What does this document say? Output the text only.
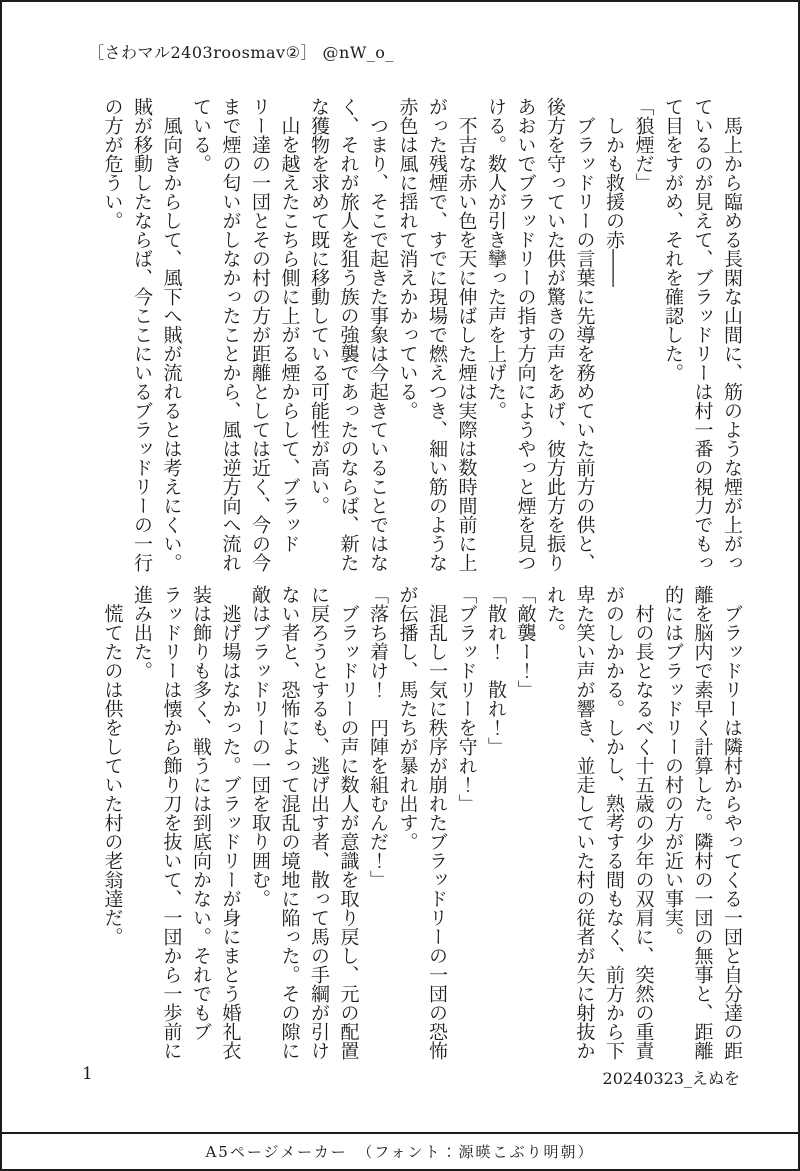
［さわマル2403roosmav②］ @nW_o_

　馬上から臨める長閑な山間に、筋のような煙が上がっ

ているのが見えて、ブラッドリーは村一番の視力でもっ

て目をすがめ、それを確認した。

「狼煙だ」

　しかも救援の赤――

　ブラッドリーの言葉に先導を務めていた前方の供と、

後方を守っていた供が驚きの声をあげ、彼方此方を振り

あおいでブラッドリーの指す方向にようやっと煙を見つ

ける。数人が引き攣った声を上げた。

　不吉な赤い色を天に伸ばした煙は実際は数時間前に上

がった残煙で、すでに現場で燃えつき、細い筋のような

赤色は風に揺れて消えかかっている。

　つまり、そこで起きた事象は今起きていることではな

く、それが旅人を狙う族の強襲であったのならば、新た

な獲物を求めて既に移動している可能性が高い。

　山を越えたこちら側に上がる煙からして、ブラッド

リー達の一団とその村の方が距離としては近く、今の今

まで煙の匂いがしなかったことから、風は逆方向へ流れ

ている。

　風向きからして、風下へ賊が流れるとは考えにくい。

賊が移動したならば、今ここにいるブラッドリーの一行

の方が危うい。

　ブラッドリーは隣村からやってくる一団と自分達の距

離を脳内で素早く計算した。隣村の一団の無事と、距離

的にはブラッドリーの村の方が近い事実。

　村の長となるべく十五歳の少年の双肩に、突然の重責

がのしかかる。しかし、熟考する間もなく、前方から下

卑た笑い声が響き、並走していた村の従者が矢に射抜か

れた。

「敵襲ー！」

「散れ！　散れ！」

「ブラッドリーを守れ！」

　混乱し一気に秩序が崩れたブラッドリーの一団の恐怖

が伝播し、馬たちが暴れ出す。

「落ち着け！　円陣を組むんだ！」

　ブラッドリーの声に数人が意識を取り戻し、元の配置

に戻ろうとするも、逃げ出す者、散って馬の手綱が引け

ない者と、恐怖によって混乱の境地に陥った。その隙に

敵はブラッドリーの一団を取り囲む。

　逃げ場はなかった。ブラッドリーが身にまとう婚礼衣

装は飾りも多く、戦うには到底向かない。それでもブ

ラッドリーは懐から飾り刀を抜いて、一団から一歩前に

進み出た。

　慌てたのは供をしていた村の老翁達だ。

1	20240323_えぬを
A5ページメーカー　（フォント：源暎こぶり明朝）
